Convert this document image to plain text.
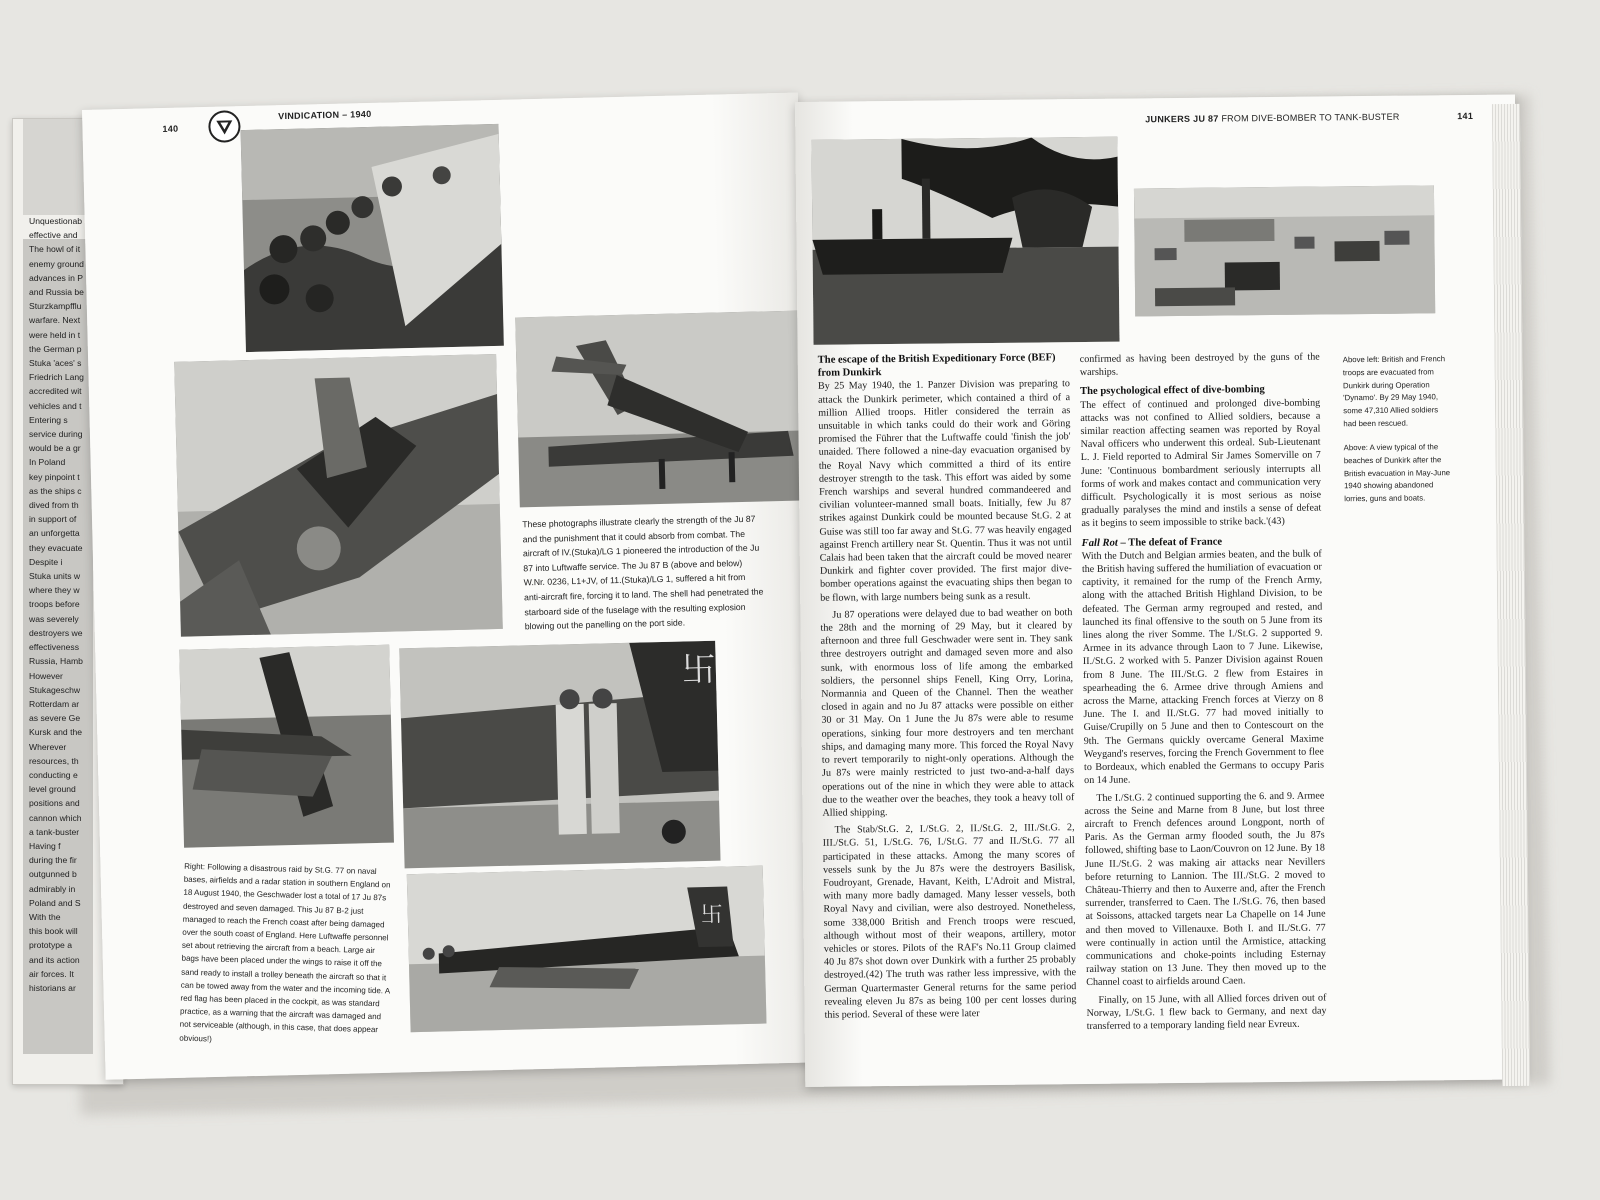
Unquestionab
effective and
The howl of it
enemy ground
advances in P
and Russia be
Sturzkampfflu
warfare. Next
were held in t
the German p
Stuka 'aces' s
Friedrich Lang
accredited wit
vehicles and t
Entering s
service during
would be a gr
In Poland
key pinpoint t
as the ships c
dived from th
in support of
an unforgetta
they evacuate
Despite i
Stuka units w
where they w
troops before
was severely
destroyers we
effectiveness
Russia, Hamb
However
Stukageschw
Rotterdam ar
as severe Ge
Kursk and the
Wherever
resources, th
conducting e
level ground
positions and
cannon which
a tank-buster
Having f
during the fir
outgunned b
admirably in
Poland and S
With the
this book will
prototype a
and its action
air forces. It
historians ar
140
VINDICATION – 1940
These photographs illustrate clearly the strength of the Ju 87 and the punishment that it could absorb from combat. The aircraft of IV.(Stuka)/LG 1 pioneered the introduction of the Ju 87 into Luftwaffe service. The Ju 87 B (above and below) W.Nr. 0236, L1+JV, of 11.(Stuka)/LG 1, suffered a hit from anti-aircraft fire, forcing it to land. The shell had penetrated the starboard side of the fuselage with the resulting explosion blowing out the panelling on the port side.
卐
卐
Right: Following a disastrous raid by St.G. 77 on naval bases, airfields and a radar station in southern England on 18 August 1940, the Geschwader lost a total of 17 Ju 87s destroyed and seven damaged. This Ju 87 B-2 just managed to reach the French coast after being damaged over the south coast of England. Here Luftwaffe personnel set about retrieving the aircraft from a beach. Large air bags have been placed under the wings to raise it off the sand ready to install a trolley beneath the aircraft so that it can be towed away from the water and the incoming tide. A red flag has been placed in the cockpit, as was standard practice, as a warning that the aircraft was damaged and not serviceable (although, in this case, that does appear obvious!)
JUNKERS JU 87 FROM DIVE-BOMBER TO TANK-BUSTER	141
Above left: British and French troops are evacuated from Dunkirk during Operation 'Dynamo'. By 29 May 1940, some 47,310 Allied soldiers had been rescued.
Above: A view typical of the beaches of Dunkirk after the British evacuation in May-June 1940 showing abandoned lorries, guns and boats.
The escape of the British Expeditionary Force (BEF) from Dunkirk

By 25 May 1940, the 1. Panzer Division was preparing to attack the Dunkirk perimeter, which contained a third of a million Allied troops. Hitler considered the terrain as unsuitable in which tanks could do their work and Göring promised the Führer that the Luftwaffe could 'finish the job' unaided. There followed a nine-day evacuation organised by the Royal Navy which committed a third of its entire destroyer strength to the task. This effort was aided by some French warships and several hundred commandeered and civilian volunteer-manned small boats. Initially, few Ju 87 strikes against Dunkirk could be mounted because St.G. 2 at Guise was still too far away and St.G. 77 was heavily engaged against French artillery near St. Quentin. Thus it was not until Calais had been taken that the aircraft could be moved nearer Dunkirk and fighter cover provided. The first major dive-bomber operations against the evacuating ships then began to be flown, with large numbers being sunk as a result.

Ju 87 operations were delayed due to bad weather on both the 28th and the morning of 29 May, but it cleared by afternoon and three full Geschwader were sent in. They sank three destroyers outright and damaged seven more and also sunk, with enormous loss of life among the embarked soldiers, the personnel ships Fenell, King Orry, Lorina, Normannia and Queen of the Channel. Then the weather closed in again and no Ju 87 attacks were possible on either 30 or 31 May. On 1 June the Ju 87s were able to resume operations, sinking four more destroyers and ten merchant ships, and damaging many more. This forced the Royal Navy to revert temporarily to night-only operations. Although the Ju 87s were mainly restricted to just two-and-a-half days operations out of the nine in which they were able to attack due to the weather over the beaches, they took a heavy toll of Allied shipping.

The Stab/St.G. 2, I./St.G. 2, II./St.G. 2, III./St.G. 2, III./St.G. 51, I./St.G. 76, I./St.G. 77 and II./St.G. 77 all participated in these attacks. Among the many scores of vessels sunk by the Ju 87s were the destroyers Basilisk, Foudroyant, Grenade, Havant, Keith, L'Adroit and Mistral, with many more badly damaged. Many lesser vessels, both Royal Navy and civilian, were also destroyed. Nonetheless, some 338,000 British and French troops were rescued, although without most of their weapons, artillery, motor vehicles or stores. Pilots of the RAF's No.11 Group claimed 40 Ju 87s shot down over Dunkirk with a further 25 probably destroyed.(42) The truth was rather less impressive, with the German Quartermaster General returns for the same period revealing eleven Ju 87s as being 100 per cent losses during this period. Several of these were later

confirmed as having been destroyed by the guns of the warships.

The psychological effect of dive-bombing

The effect of continued and prolonged dive-bombing attacks was not confined to Allied soldiers, because a similar reaction affecting seamen was reported by Royal Naval officers who underwent this ordeal. Sub-Lieutenant L. J. Field reported to Admiral Sir James Somerville on 7 June: 'Continuous bombardment seriously interrupts all forms of work and makes contact and communication very difficult. Psychologically it is most serious as noise gradually paralyses the mind and instils a sense of defeat as it begins to seem impossible to strike back.'(43)

Fall Rot – The defeat of France

With the Dutch and Belgian armies beaten, and the bulk of the British having suffered the humiliation of evacuation or captivity, it remained for the rump of the French Army, along with the attached British Highland Division, to be defeated. The German army regrouped and rested, and launched its final offensive to the south on 5 June from its lines along the river Somme. The I./St.G. 2 supported 9. Armee in its advance through Laon to 7 June. Likewise, II./St.G. 2 worked with 5. Panzer Division against Rouen from 8 June. The III./St.G. 2 flew from Estaires in spearheading the 6. Armee drive through Amiens and across the Marne, attacking French forces at Vierzy on 8 June. The I. and II./St.G. 77 had moved initially to Guise/Crupilly on 5 June and then to Contescourt on the 9th. The Germans quickly overcame General Maxime Weygand's reserves, forcing the French Government to flee to Bordeaux, which enabled the Germans to occupy Paris on 14 June.

The I./St.G. 2 continued supporting the 6. and 9. Armee across the Seine and Marne from 8 June, but lost three aircraft to French defences around Longpont, north of Paris. As the German army flooded south, the Ju 87s followed, shifting base to Laon/Couvron on 12 June. By 18 June II./St.G. 2 was making air attacks near Nevillers before returning to Lannion. The III./St.G. 2 moved to Château-Thierry and then to Auxerre and, after the French surrender, transferred to Caen. The I./St.G. 76, then based at Soissons, attacked targets near La Chapelle on 14 June and then moved to Villenauxe. Both I. and II./St.G. 77 were continually in action until the Armistice, attacking communications and choke-points including Esternay railway station on 13 June. They then moved up to the Channel coast to airfields around Caen.

Finally, on 15 June, with all Allied forces driven out of Norway, I./St.G. 1 flew back to Germany, and next day transferred to a temporary landing field near Evreux.
